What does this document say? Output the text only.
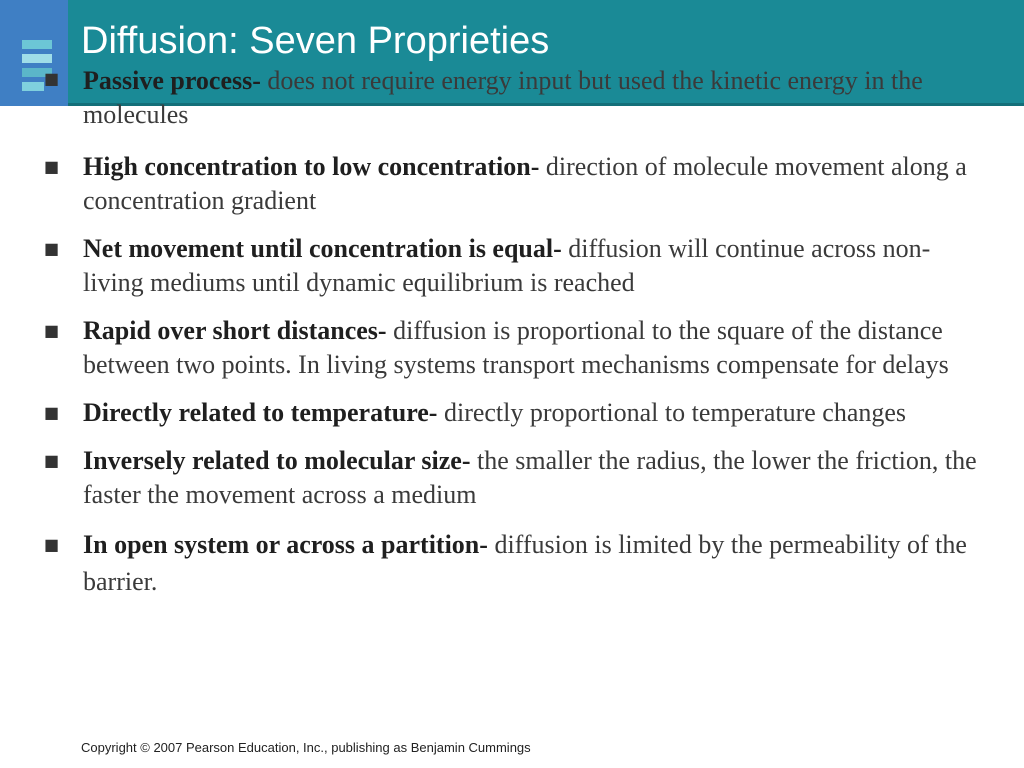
Diffusion: Seven Proprieties
■ Passive process- does not require energy input but used the kinetic energy in the molecules
■ High concentration to low concentration- direction of molecule movement along a concentration gradient
■ Net movement until concentration is equal- diffusion will continue across non-living mediums until dynamic equilibrium is reached
■ Rapid over short distances- diffusion is proportional to the square of the distance between two points. In living systems transport mechanisms compensate for delays
■ Directly related to temperature- directly proportional to temperature changes
■ Inversely related to molecular size- the smaller the radius, the lower the friction, the faster the movement across a medium
■ In open system or across a partition- diffusion is limited by the permeability of the barrier.
Copyright © 2007 Pearson Education, Inc., publishing as Benjamin Cummings
